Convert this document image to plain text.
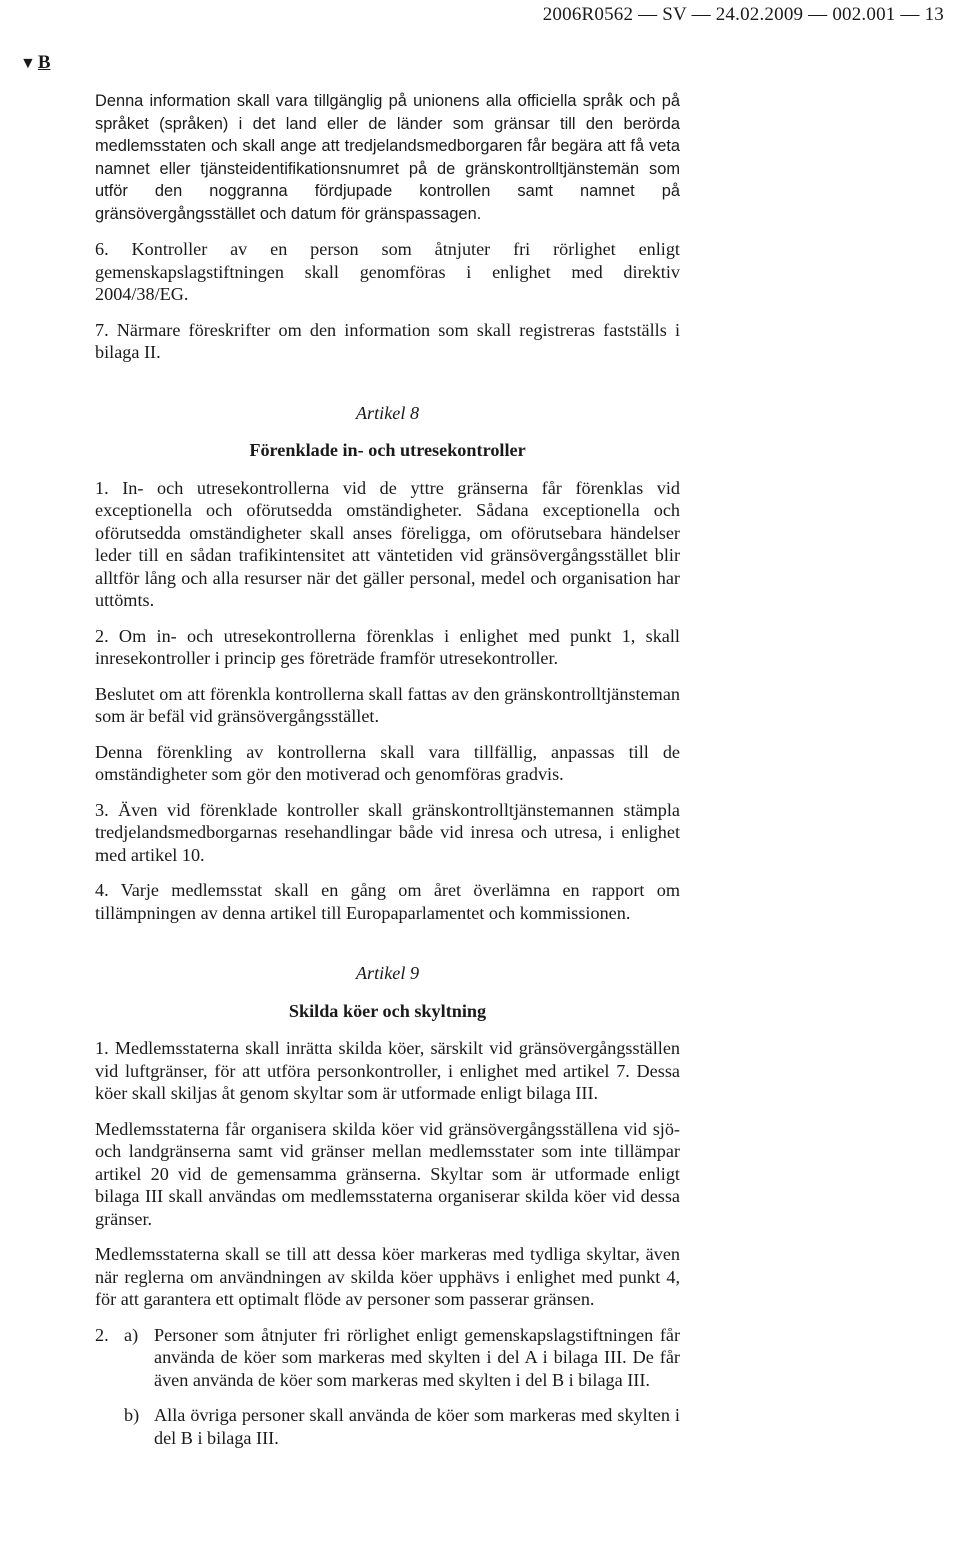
2006R0562 — SV — 24.02.2009 — 002.001 — 13
▼ B

Denna information skall vara tillgänglig på unionens alla officiella språk och på språket (språken) i det land eller de länder som gränsar till den berörda medlemsstaten och skall ange att tredjelandsmedborgaren får begära att få veta namnet eller tjänsteidentifikationsnumret på de gränskontrolltjänstemän som utför den noggranna fördjupade kontrollen samt namnet på gränsövergångsstället och datum för gränspassagen.

6. Kontroller av en person som åtnjuter fri rörlighet enligt gemenskapslagstiftningen skall genomföras i enlighet med direktiv 2004/38/EG.

7. Närmare föreskrifter om den information som skall registreras fastställs i bilaga II.

Artikel 8
Förenklade in- och utresekontroller

1. In- och utresekontrollerna vid de yttre gränserna får förenklas vid exceptionella och oförutsedda omständigheter. Sådana exceptionella och oförutsedda omständigheter skall anses föreligga, om oförutsebara händelser leder till en sådan trafikintensitet att väntetiden vid gränsövergångsstället blir alltför lång och alla resurser när det gäller personal, medel och organisation har uttömts.

2. Om in- och utresekontrollerna förenklas i enlighet med punkt 1, skall inresekontroller i princip ges företräde framför utresekontroller.

Beslutet om att förenkla kontrollerna skall fattas av den gränskontrolltjänsteman som är befäl vid gränsövergångsstället.

Denna förenkling av kontrollerna skall vara tillfällig, anpassas till de omständigheter som gör den motiverad och genomföras gradvis.

3. Även vid förenklade kontroller skall gränskontrolltjänstemannen stämpla tredjelandsmedborgarnas resehandlingar både vid inresa och utresa, i enlighet med artikel 10.

4. Varje medlemsstat skall en gång om året överlämna en rapport om tillämpningen av denna artikel till Europaparlamentet och kommissionen.

Artikel 9
Skilda köer och skyltning

1. Medlemsstaterna skall inrätta skilda köer, särskilt vid gränsövergångsställen vid luftgränser, för att utföra personkontroller, i enlighet med artikel 7. Dessa köer skall skiljas åt genom skyltar som är utformade enligt bilaga III.

Medlemsstaterna får organisera skilda köer vid gränsövergångsställena vid sjö- och landgränserna samt vid gränser mellan medlemsstater som inte tillämpar artikel 20 vid de gemensamma gränserna. Skyltar som är utformade enligt bilaga III skall användas om medlemsstaterna organiserar skilda köer vid dessa gränser.

Medlemsstaterna skall se till att dessa köer markeras med tydliga skyltar, även när reglerna om användningen av skilda köer upphävs i enlighet med punkt 4, för att garantera ett optimalt flöde av personer som passerar gränsen.

2. a) Personer som åtnjuter fri rörlighet enligt gemenskapslagstiftningen får använda de köer som markeras med skylten i del A i bilaga III. De får även använda de köer som markeras med skylten i del B i bilaga III.
b) Alla övriga personer skall använda de köer som markeras med skylten i del B i bilaga III.
